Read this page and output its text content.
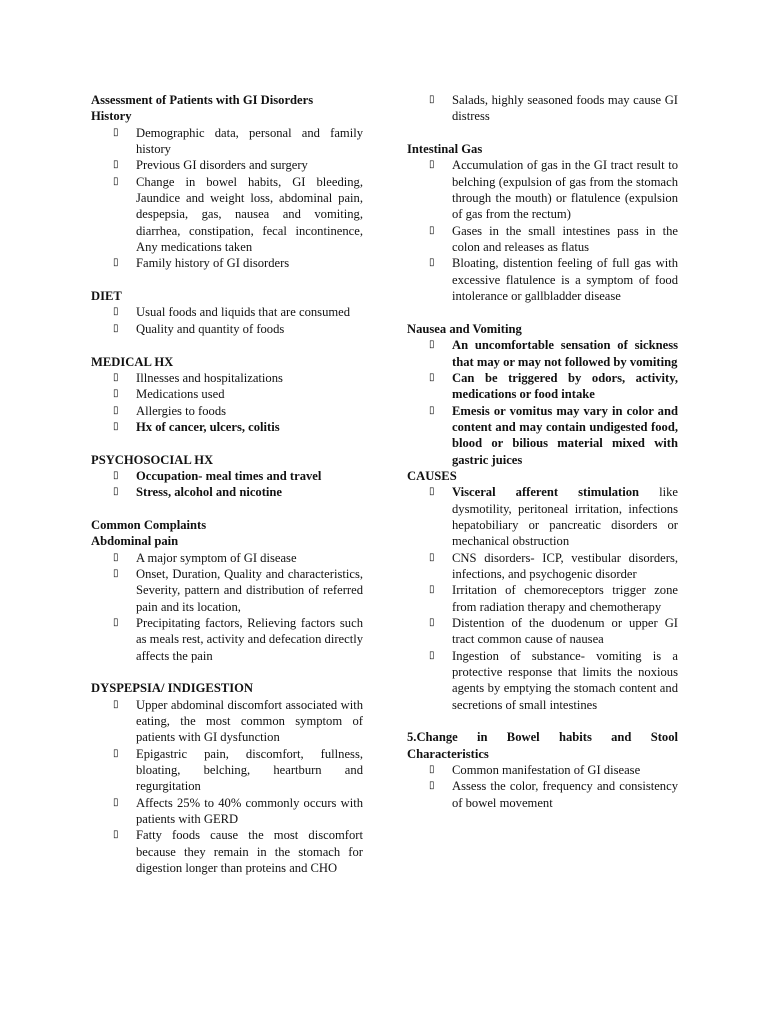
Assessment of Patients with GI Disorders

History

▯ Demographic data, personal and family history
▯ Previous GI disorders and surgery
▯ Change in bowel habits, GI bleeding, Jaundice and weight loss, abdominal pain, despepsia, gas, nausea and vomiting, diarrhea, constipation, fecal incontinence, Any medications taken
▯ Family history of GI disorders

DIET

▯ Usual foods and liquids that are consumed
▯ Quality and quantity of foods

MEDICAL HX

▯ Illnesses and hospitalizations
▯ Medications used
▯ Allergies to foods
▯ Hx of cancer, ulcers, colitis

PSYCHOSOCIAL HX

▯ Occupation- meal times and travel
▯ Stress, alcohol and nicotine

Common Complaints

Abdominal pain

▯ A major symptom of GI disease
▯ Onset, Duration, Quality and characteristics, Severity, pattern and distribution of referred pain and its location,
▯ Precipitating factors, Relieving factors such as meals rest, activity and defecation directly affects the pain

DYSPEPSIA/ INDIGESTION

▯ Upper abdominal discomfort associated with eating, the most common symptom of patients with GI dysfunction
▯ Epigastric pain, discomfort, fullness, bloating, belching, heartburn and regurgitation
▯ Affects 25% to 40% commonly occurs with patients with GERD
▯ Fatty foods cause the most discomfort because they remain in the stomach for digestion longer than proteins and CHO
▯ Salads, highly seasoned foods may cause GI distress

Intestinal Gas

▯ Accumulation of gas in the GI tract result to belching (expulsion of gas from the stomach through the mouth) or flatulence (expulsion of gas from the rectum)
▯ Gases in the small intestines pass in the colon and releases as flatus
▯ Bloating, distention feeling of full gas with excessive flatulence is a symptom of food intolerance or gallbladder disease

Nausea and Vomiting

▯ An uncomfortable sensation of sickness that may or may not followed by vomiting
▯ Can be triggered by odors, activity, medications or food intake
▯ Emesis or vomitus may vary in color and content and may contain undigested food, blood or bilious material mixed with gastric juices

CAUSES

▯ Visceral afferent stimulation like dysmotility, peritoneal irritation, infections hepatobiliary or pancreatic disorders or mechanical obstruction
▯ CNS disorders- ICP, vestibular disorders, infections, and psychogenic disorder
▯ Irritation of chemoreceptors trigger zone from radiation therapy and chemotherapy
▯ Distention of the duodenum or upper GI tract common cause of nausea
▯ Ingestion of substance- vomiting is a protective response that limits the noxious agents by emptying the stomach content and secretions of small intestines

5.Change in Bowel habits and Stool Characteristics

▯ Common manifestation of GI disease
▯ Assess the color, frequency and consistency of bowel movement
